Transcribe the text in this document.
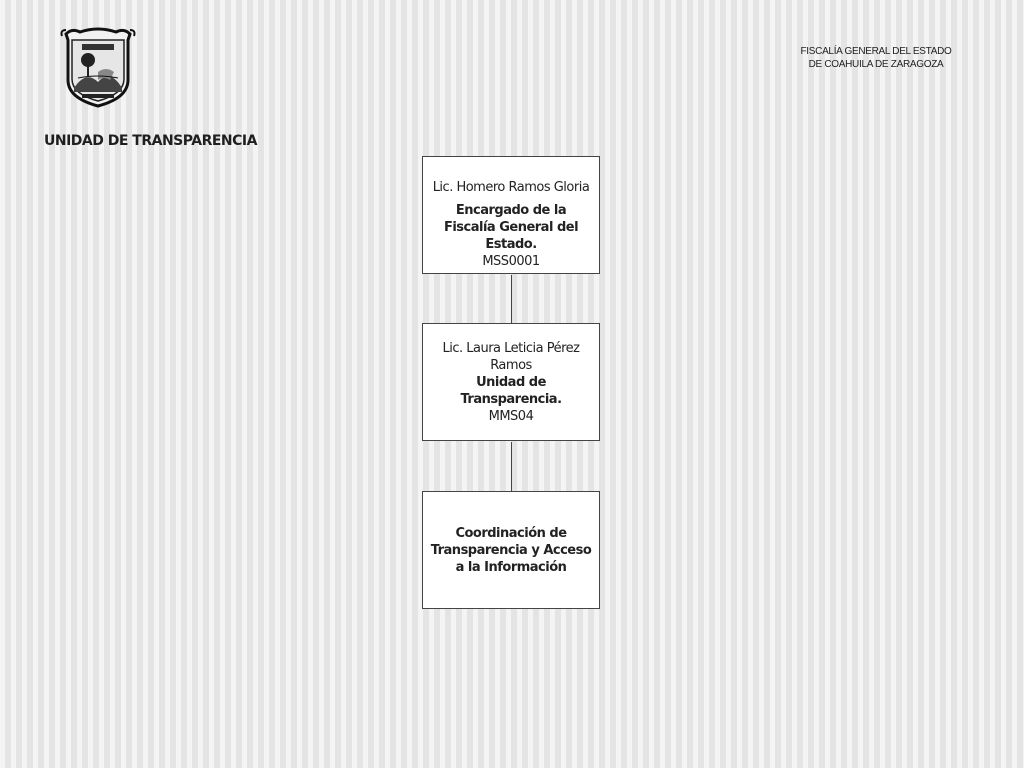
FISCALÍA GENERAL DEL ESTADO
DE COAHUILA DE ZARAGOZA
UNIDAD DE TRANSPARENCIA
Lic. Homero Ramos Gloria
Encargado de la Fiscalía General del Estado.
MSS0001
Lic. Laura Leticia Pérez Ramos
Unidad de Transparencia.
MMS04
Coordinación de Transparencia y Acceso a la Información
